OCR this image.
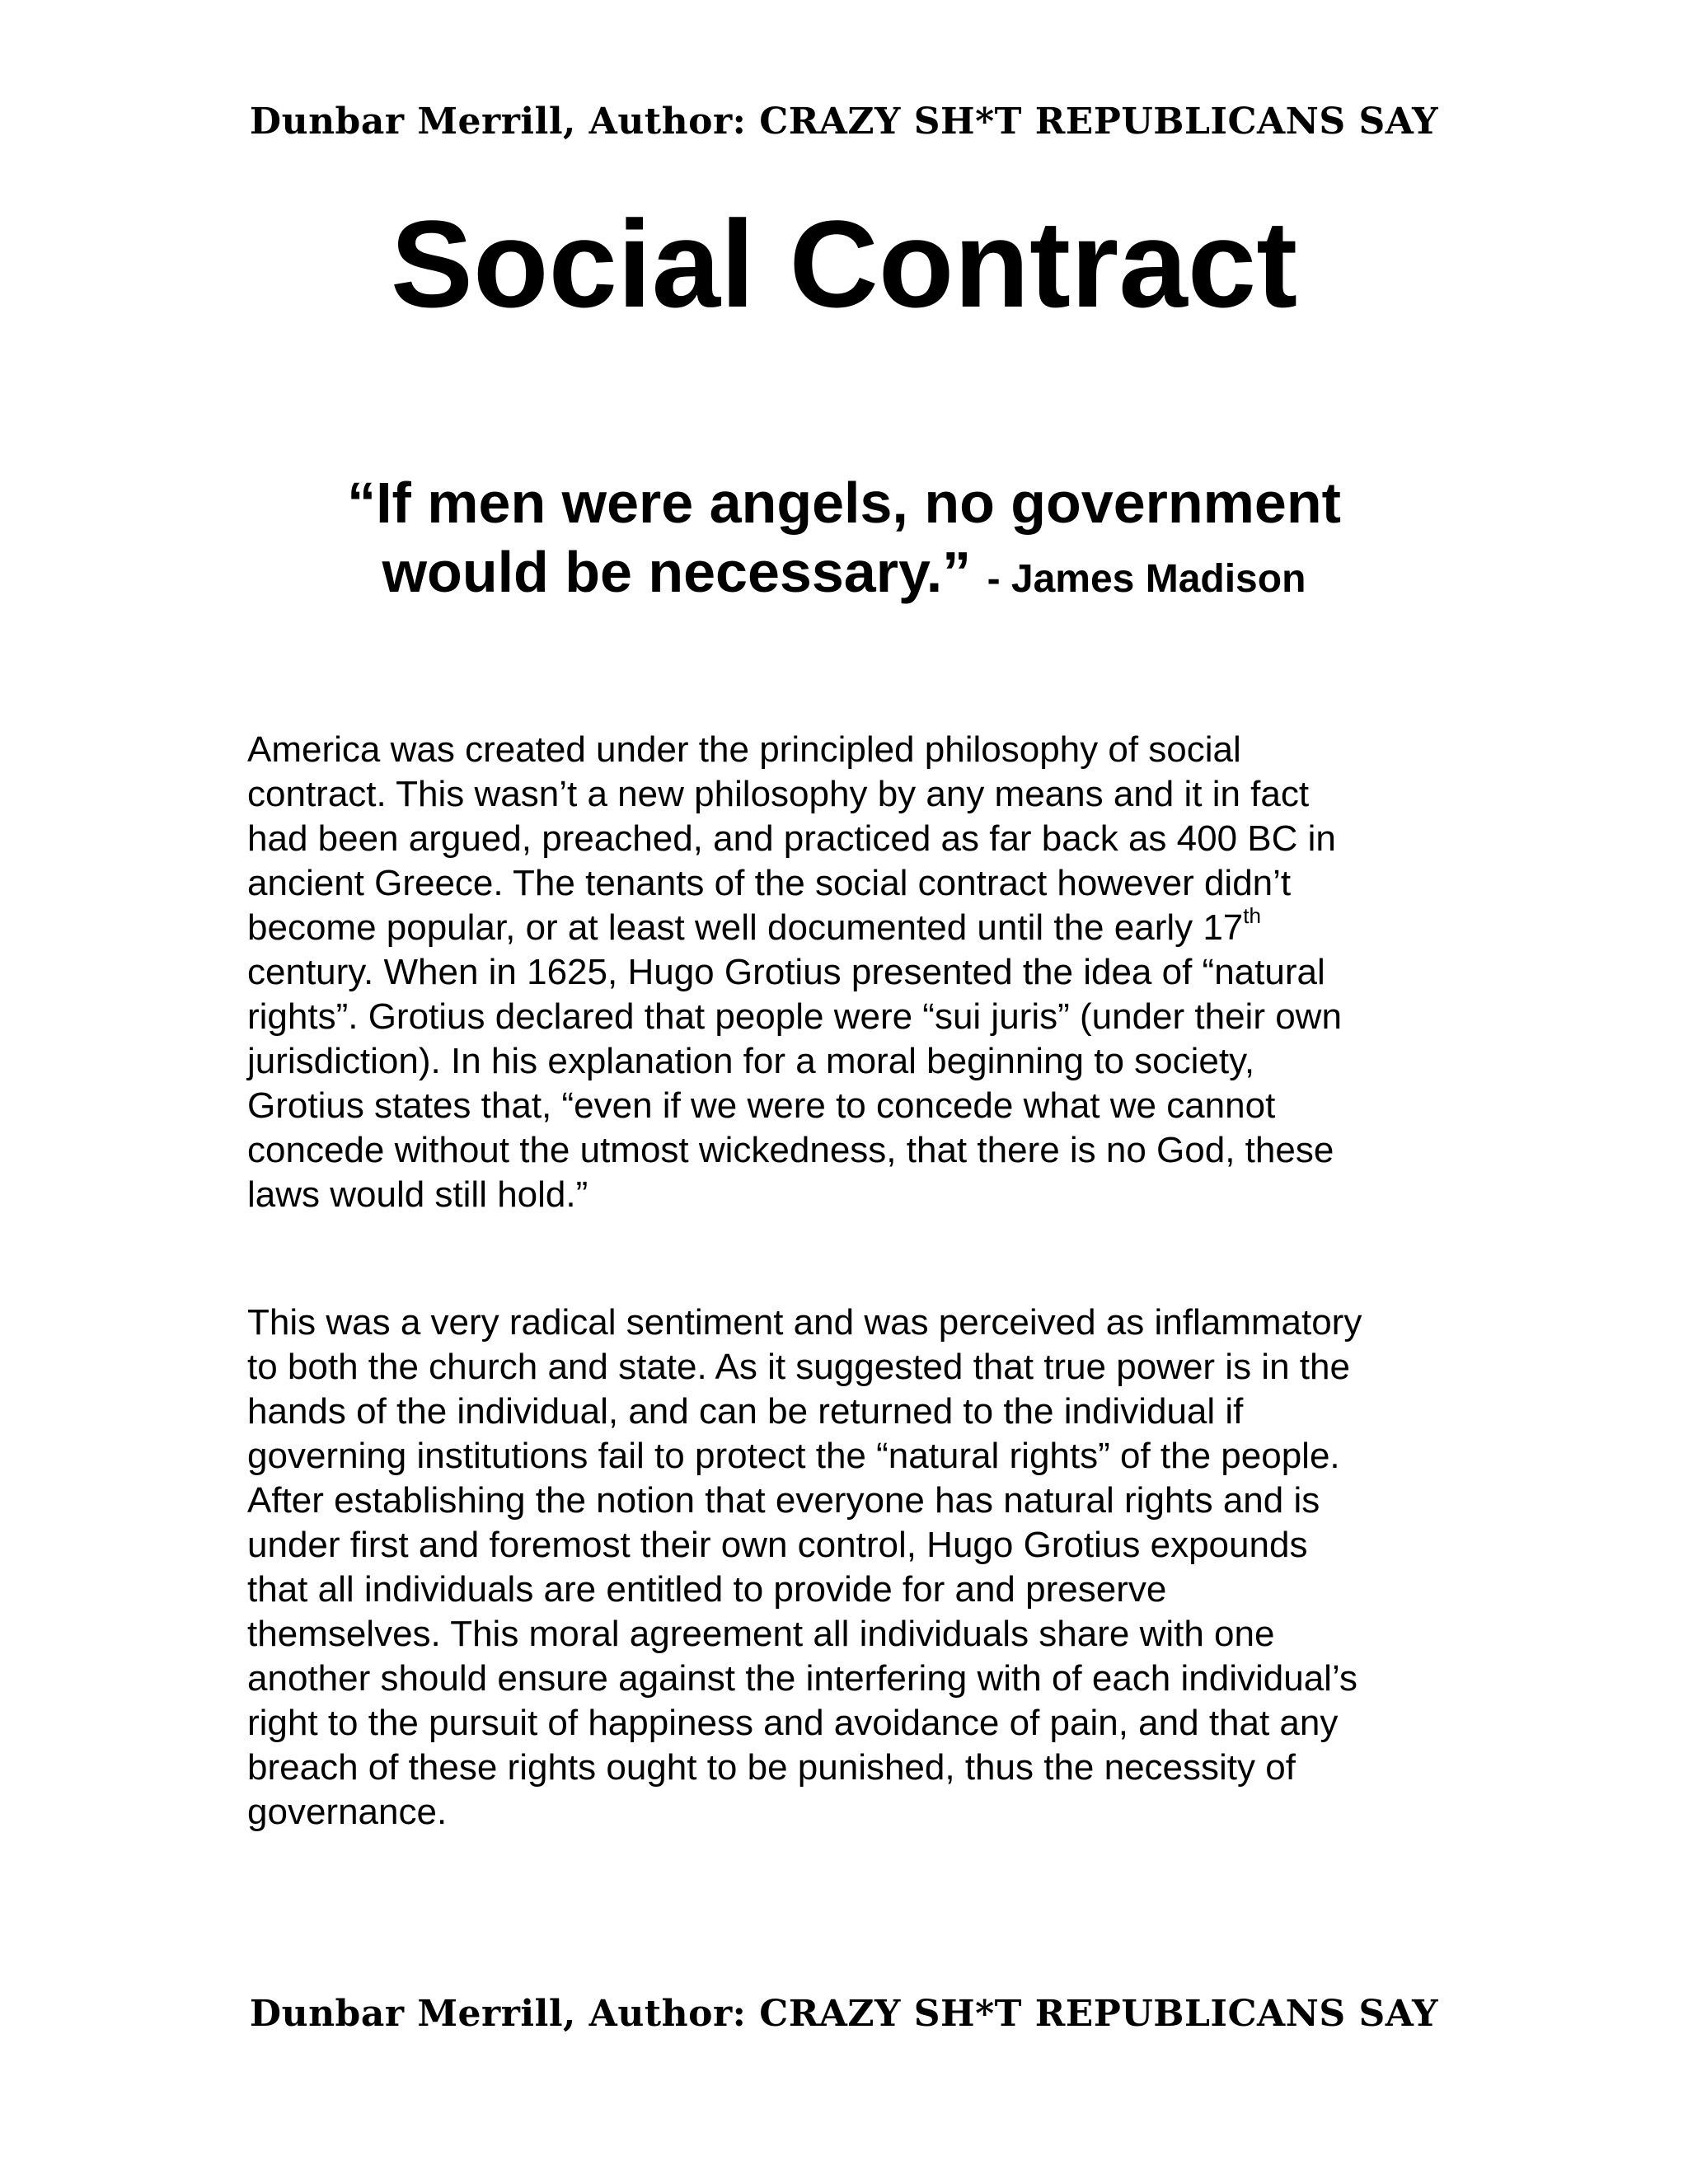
Dunbar Merrill, Author: CRAZY SH*T REPUBLICANS SAY
Social Contract
“If men were angels, no government
would be necessary.” - James Madison
America was created under the principled philosophy of social
contract. This wasn’t a new philosophy by any means and it in fact
had been argued, preached, and practiced as far back as 400 BC in
ancient Greece. The tenants of the social contract however didn’t
become popular, or at least well documented until the early 17th
century. When in 1625, Hugo Grotius presented the idea of “natural
rights”. Grotius declared that people were “sui juris” (under their own
jurisdiction). In his explanation for a moral beginning to society,
Grotius states that, “even if we were to concede what we cannot
concede without the utmost wickedness, that there is no God, these
laws would still hold.”
This was a very radical sentiment and was perceived as inflammatory
to both the church and state. As it suggested that true power is in the
hands of the individual, and can be returned to the individual if
governing institutions fail to protect the “natural rights” of the people.
After establishing the notion that everyone has natural rights and is
under first and foremost their own control, Hugo Grotius expounds
that all individuals are entitled to provide for and preserve
themselves. This moral agreement all individuals share with one
another should ensure against the interfering with of each individual’s
right to the pursuit of happiness and avoidance of pain, and that any
breach of these rights ought to be punished, thus the necessity of
governance.
Dunbar Merrill, Author: CRAZY SH*T REPUBLICANS SAY
